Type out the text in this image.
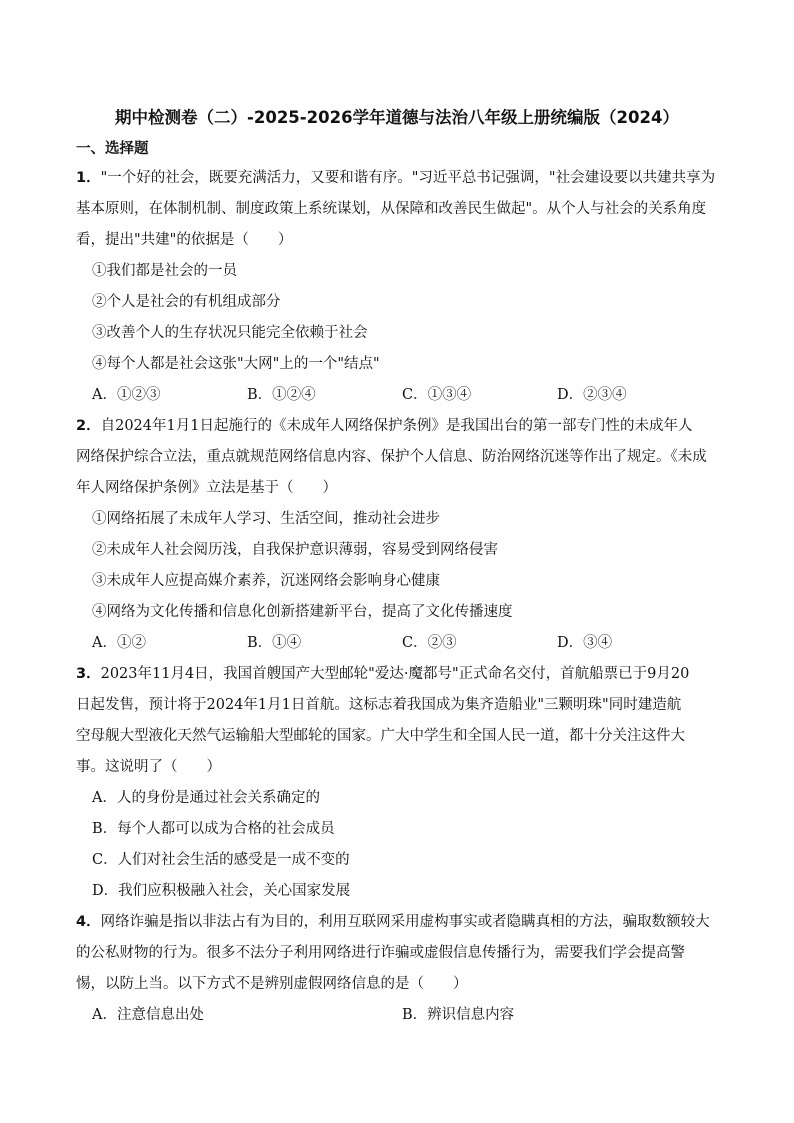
期中检测卷（二）-2025-2026学年道德与法治八年级上册统编版（2024）
一、选择题
1．"一个好的社会，既要充满活力，又要和谐有序。"习近平总书记强调，"社会建设要以共建共享为
基本原则，在体制机制、制度政策上系统谋划，从保障和改善民生做起"。从个人与社会的关系角度
看，提出"共建"的依据是（　　）
①我们都是社会的一员
②个人是社会的有机组成部分
③改善个人的生存状况只能完全依赖于社会
④每个人都是社会这张"大网"上的一个"结点"
A．①②③	B．①②④	C．①③④	D．②③④
2．自2024年1月1日起施行的《未成年人网络保护条例》是我国出台的第一部专门性的未成年人
网络保护综合立法，重点就规范网络信息内容、保护个人信息、防治网络沉迷等作出了规定。《未成
年人网络保护条例》立法是基于（　　）
①网络拓展了未成年人学习、生活空间，推动社会进步
②未成年人社会阅历浅，自我保护意识薄弱，容易受到网络侵害
③未成年人应提高媒介素养，沉迷网络会影响身心健康
④网络为文化传播和信息化创新搭建新平台，提高了文化传播速度
A．①②	B．①④	C．②③	D．③④
3．2023年11月4日，我国首艘国产大型邮轮"爱达·魔都号"正式命名交付，首航船票已于9月20
日起发售，预计将于2024年1月1日首航。这标志着我国成为集齐造船业"三颗明珠"同时建造航
空母舰大型液化天然气运输船大型邮轮的国家。广大中学生和全国人民一道，都十分关注这件大
事。这说明了（　　）
A．人的身份是通过社会关系确定的
B．每个人都可以成为合格的社会成员
C．人们对社会生活的感受是一成不变的
D．我们应积极融入社会，关心国家发展
4．网络诈骗是指以非法占有为目的，利用互联网采用虚构事实或者隐瞒真相的方法，骗取数额较大
的公私财物的行为。很多不法分子利用网络进行诈骗或虚假信息传播行为，需要我们学会提高警
惕，以防上当。以下方式不是辨别虚假网络信息的是（　　）
A．注意信息出处	B．辨识信息内容
